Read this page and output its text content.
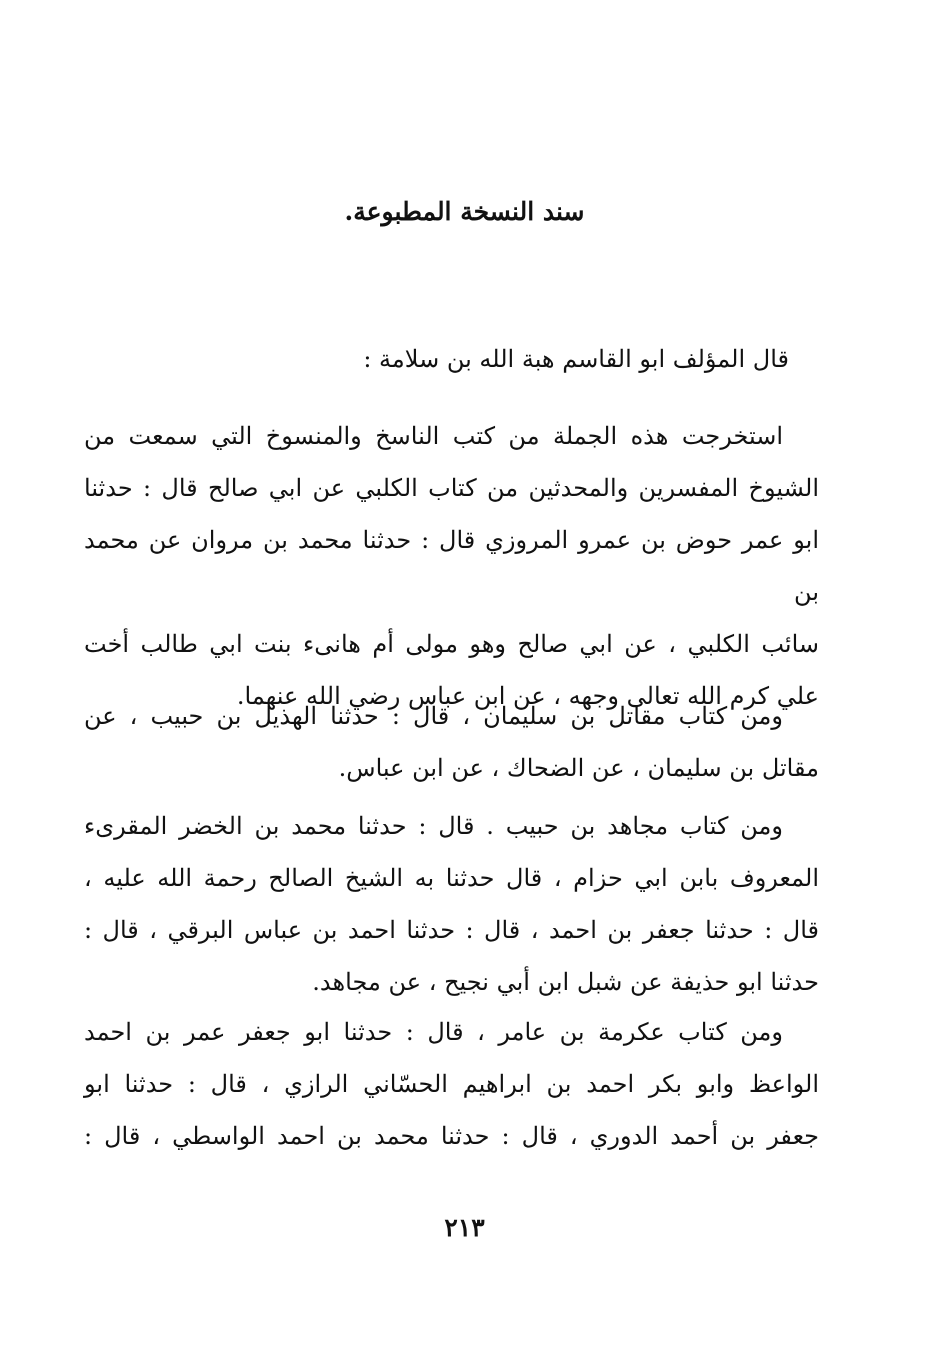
سند النسخة المطبوعة.
قال المؤلف ابو القاسم هبة الله بن سلامة :
استخرجت هذه الجملة من كتب الناسخ والمنسوخ التي سمعت من
الشيوخ المفسرين والمحدثين من كتاب الكلبي عن ابي صالح قال : حدثنا
ابو عمر حوض بن عمرو المروزي قال : حدثنا محمد بن مروان عن محمد بن
سائب الكلبي ، عن ابي صالح وهو مولى أم هانىء بنت ابي طالب أخت
علي كرم الله تعالى وجهه ، عن ابن عباس رضي الله عنهما.
ومن كتاب مقاتل بن سليمان ، قال : حدثنا الهذيل بن حبيب ، عن
مقاتل بن سليمان ، عن الضحاك ، عن ابن عباس.
ومن كتاب مجاهد بن حبيب . قال : حدثنا محمد بن الخضر المقرىء
المعروف بابن ابي حزام ، قال حدثنا به الشيخ الصالح رحمة الله عليه ،
قال : حدثنا جعفر بن احمد ، قال : حدثنا احمد بن عباس البرقي ، قال :
حدثنا ابو حذيفة عن شبل ابن أبي نجيح ، عن مجاهد.
ومن كتاب عكرمة بن عامر ، قال : حدثنا ابو جعفر عمر بن احمد
الواعظ وابو بكر احمد بن ابراهيم الحسّاني الرازي ، قال : حدثنا ابو
جعفر بن أحمد الدوري ، قال : حدثنا محمد بن احمد الواسطي ، قال :
٢١٣
